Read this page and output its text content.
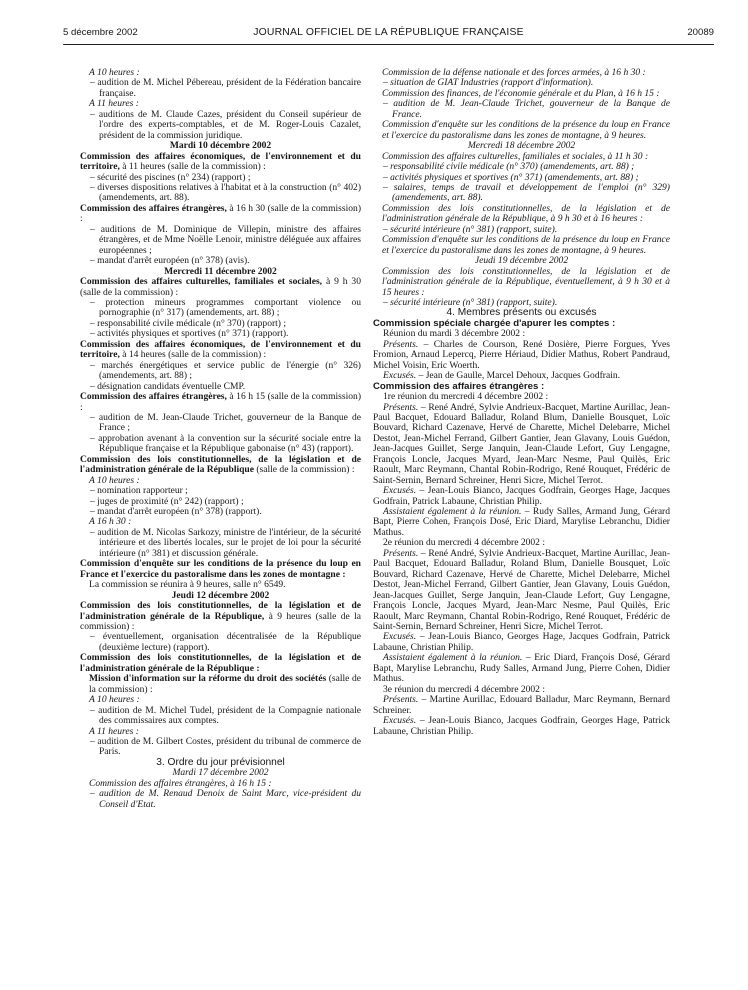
5 décembre 2002	JOURNAL OFFICIEL DE LA RÉPUBLIQUE FRANÇAISE	20089

A 10 heures :

– audition de M. Michel Pébereau, président de la Fédération bancaire française.

A 11 heures :

– auditions de M. Claude Cazes, président du Conseil supérieur de l'ordre des experts-comptables, et de M. Roger-Louis Cazalet, président de la commission juridique.

Mardi 10 décembre 2002

Commission des affaires économiques, de l'environnement et du territoire, à 11 heures (salle de la commission) :

– sécurité des piscines (n° 234) (rapport) ;

– diverses dispositions relatives à l'habitat et à la construction (n° 402) (amendements, art. 88).

Commission des affaires étrangères, à 16 h 30 (salle de la commission) :

– auditions de M. Dominique de Villepin, ministre des affaires étrangères, et de Mme Noëlle Lenoir, ministre déléguée aux affaires européennes ;

– mandat d'arrêt européen (n° 378) (avis).

Mercredi 11 décembre 2002

Commission des affaires culturelles, familiales et sociales, à 9 h 30 (salle de la commission) :

– protection mineurs programmes comportant violence ou pornographie (n° 317) (amendements, art. 88) ;

– responsabilité civile médicale (n° 370) (rapport) ;

– activités physiques et sportives (n° 371) (rapport).

Commission des affaires économiques, de l'environnement et du territoire, à 14 heures (salle de la commission) :

– marchés énergétiques et service public de l'énergie (n° 326) (amendements, art. 88) ;

– désignation candidats éventuelle CMP.

Commission des affaires étrangères, à 16 h 15 (salle de la commission) :

– audition de M. Jean-Claude Trichet, gouverneur de la Banque de France ;

– approbation avenant à la convention sur la sécurité sociale entre la République française et la République gabonaise (n° 43) (rapport).

Commission des lois constitutionnelles, de la législation et de l'administration générale de la République (salle de la commission) :

A 10 heures :

– nomination rapporteur ;

– juges de proximité (n° 242) (rapport) ;

– mandat d'arrêt européen (n° 378) (rapport).

A 16 h 30 :

– audition de M. Nicolas Sarkozy, ministre de l'intérieur, de la sécurité intérieure et des libertés locales, sur le projet de loi pour la sécurité intérieure (n° 381) et discussion générale.

Commission d'enquête sur les conditions de la présence du loup en France et l'exercice du pastoralisme dans les zones de montagne :

La commission se réunira à 9 heures, salle n° 6549.

Jeudi 12 décembre 2002

Commission des lois constitutionnelles, de la législation et de l'administration générale de la République, à 9 heures (salle de la commission) :

– éventuellement, organisation décentralisée de la République (deuxième lecture) (rapport).

Commission des lois constitutionnelles, de la législation et de l'administration générale de la République :

Mission d'information sur la réforme du droit des sociétés (salle de la commission) :

A 10 heures :

– audition de M. Michel Tudel, président de la Compagnie nationale des commissaires aux comptes.

A 11 heures :

– audition de M. Gilbert Costes, président du tribunal de commerce de Paris.

3. Ordre du jour prévisionnel

Mardi 17 décembre 2002

Commission des affaires étrangères, à 16 h 15 :

– audition de M. Renaud Denoix de Saint Marc, vice-président du Conseil d'Etat.

Commission de la défense nationale et des forces armées, à 16 h 30 :

– situation de GIAT Industries (rapport d'information).

Commission des finances, de l'économie générale et du Plan, à 16 h 15 :

– audition de M. Jean-Claude Trichet, gouverneur de la Banque de France.

Commission d'enquête sur les conditions de la présence du loup en France et l'exercice du pastoralisme dans les zones de montagne, à 9 heures.

Mercredi 18 décembre 2002

Commission des affaires culturelles, familiales et sociales, à 11 h 30 :

– responsabilité civile médicale (n° 370) (amendements, art. 88) ;

– activités physiques et sportives (n° 371) (amendements, art. 88) ;

– salaires, temps de travail et développement de l'emploi (n° 329) (amendements, art. 88).

Commission des lois constitutionnelles, de la législation et de l'administration générale de la République, à 9 h 30 et à 16 heures :

– sécurité intérieure (n° 381) (rapport, suite).

Commission d'enquête sur les conditions de la présence du loup en France et l'exercice du pastoralisme dans les zones de montagne, à 9 heures.

Jeudi 19 décembre 2002

Commission des lois constitutionnelles, de la législation et de l'administration générale de la République, éventuellement, à 9 h 30 et à 15 heures :

– sécurité intérieure (n° 381) (rapport, suite).

4. Membres présents ou excusés

Commission spéciale chargée d'apurer les comptes :

Réunion du mardi 3 décembre 2002 :

Présents. – Charles de Courson, René Dosière, Pierre Forgues, Yves Fromion, Arnaud Lepercq, Pierre Hériaud, Didier Mathus, Robert Pandraud, Michel Voisin, Eric Woerth.

Excusés. – Jean de Gaulle, Marcel Dehoux, Jacques Godfrain.

Commission des affaires étrangères :

1re réunion du mercredi 4 décembre 2002 :

Présents. – René André, Sylvie Andrieux-Bacquet, Martine Aurillac, Jean-Paul Bacquet, Edouard Balladur, Roland Blum, Danielle Bousquet, Loïc Bouvard, Richard Cazenave, Hervé de Charette, Michel Delebarre, Michel Destot, Jean-Michel Ferrand, Gilbert Gantier, Jean Glavany, Louis Guédon, Jean-Jacques Guillet, Serge Janquin, Jean-Claude Lefort, Guy Lengagne, François Loncle, Jacques Myard, Jean-Marc Nesme, Paul Quilès, Eric Raoult, Marc Reymann, Chantal Robin-Rodrigo, René Rouquet, Frédéric de Saint-Sernin, Bernard Schreiner, Henri Sicre, Michel Terrot.

Excusés. – Jean-Louis Bianco, Jacques Godfrain, Georges Hage, Jacques Godfrain, Patrick Labaune, Christian Philip.

Assistaient également à la réunion. – Rudy Salles, Armand Jung, Gérard Bapt, Pierre Cohen, François Dosé, Eric Diard, Marylise Lebranchu, Didier Mathus.

2e réunion du mercredi 4 décembre 2002 :

Présents. – René André, Sylvie Andrieux-Bacquet, Martine Aurillac, Jean-Paul Bacquet, Edouard Balladur, Roland Blum, Danielle Bousquet, Loïc Bouvard, Richard Cazenave, Hervé de Charette, Michel Delebarre, Michel Destot, Jean-Michel Ferrand, Gilbert Gantier, Jean Glavany, Louis Guédon, Jean-Jacques Guillet, Serge Janquin, Jean-Claude Lefort, Guy Lengagne, François Loncle, Jacques Myard, Jean-Marc Nesme, Paul Quilès, Eric Raoult, Marc Reymann, Chantal Robin-Rodrigo, René Rouquet, Frédéric de Saint-Sernin, Bernard Schreiner, Henri Sicre, Michel Terrot.

Excusés. – Jean-Louis Bianco, Georges Hage, Jacques Godfrain, Patrick Labaune, Christian Philip.

Assistaient également à la réunion. – Eric Diard, François Dosé, Gérard Bapt, Marylise Lebranchu, Rudy Salles, Armand Jung, Pierre Cohen, Didier Mathus.

3e réunion du mercredi 4 décembre 2002 :

Présents. – Martine Aurillac, Edouard Balladur, Marc Reymann, Bernard Schreiner.

Excusés. – Jean-Louis Bianco, Jacques Godfrain, Georges Hage, Patrick Labaune, Christian Philip.
